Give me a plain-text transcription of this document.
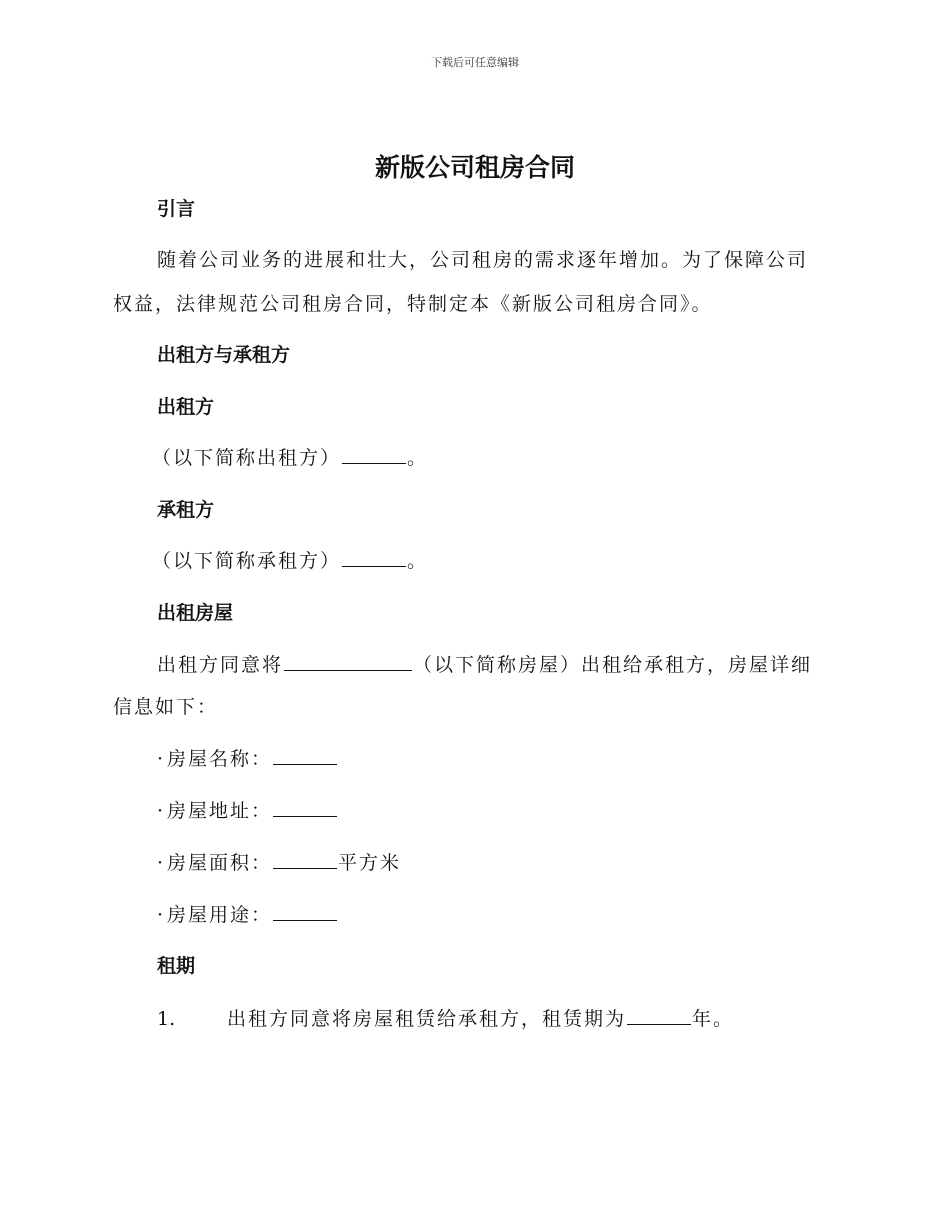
下载后可任意编辑
新版公司租房合同
引言

随着公司业务的进展和壮大，公司租房的需求逐年增加。为了保障公司

权益，法律规范公司租房合同，特制定本《新版公司租房合同》。

出租方与承租方
出租方

（以下简称出租方）	。

承租方

（以下简称承租方）	。

出租房屋

出租方同意将	（以下简称房屋）出租给承租方，房屋详细

信息如下：

· 房屋名称：

· 房屋地址：

· 房屋面积：	平方米

· 房屋用途：

租期

1.	出租方同意将房屋租赁给承租方，租赁期为	年。
